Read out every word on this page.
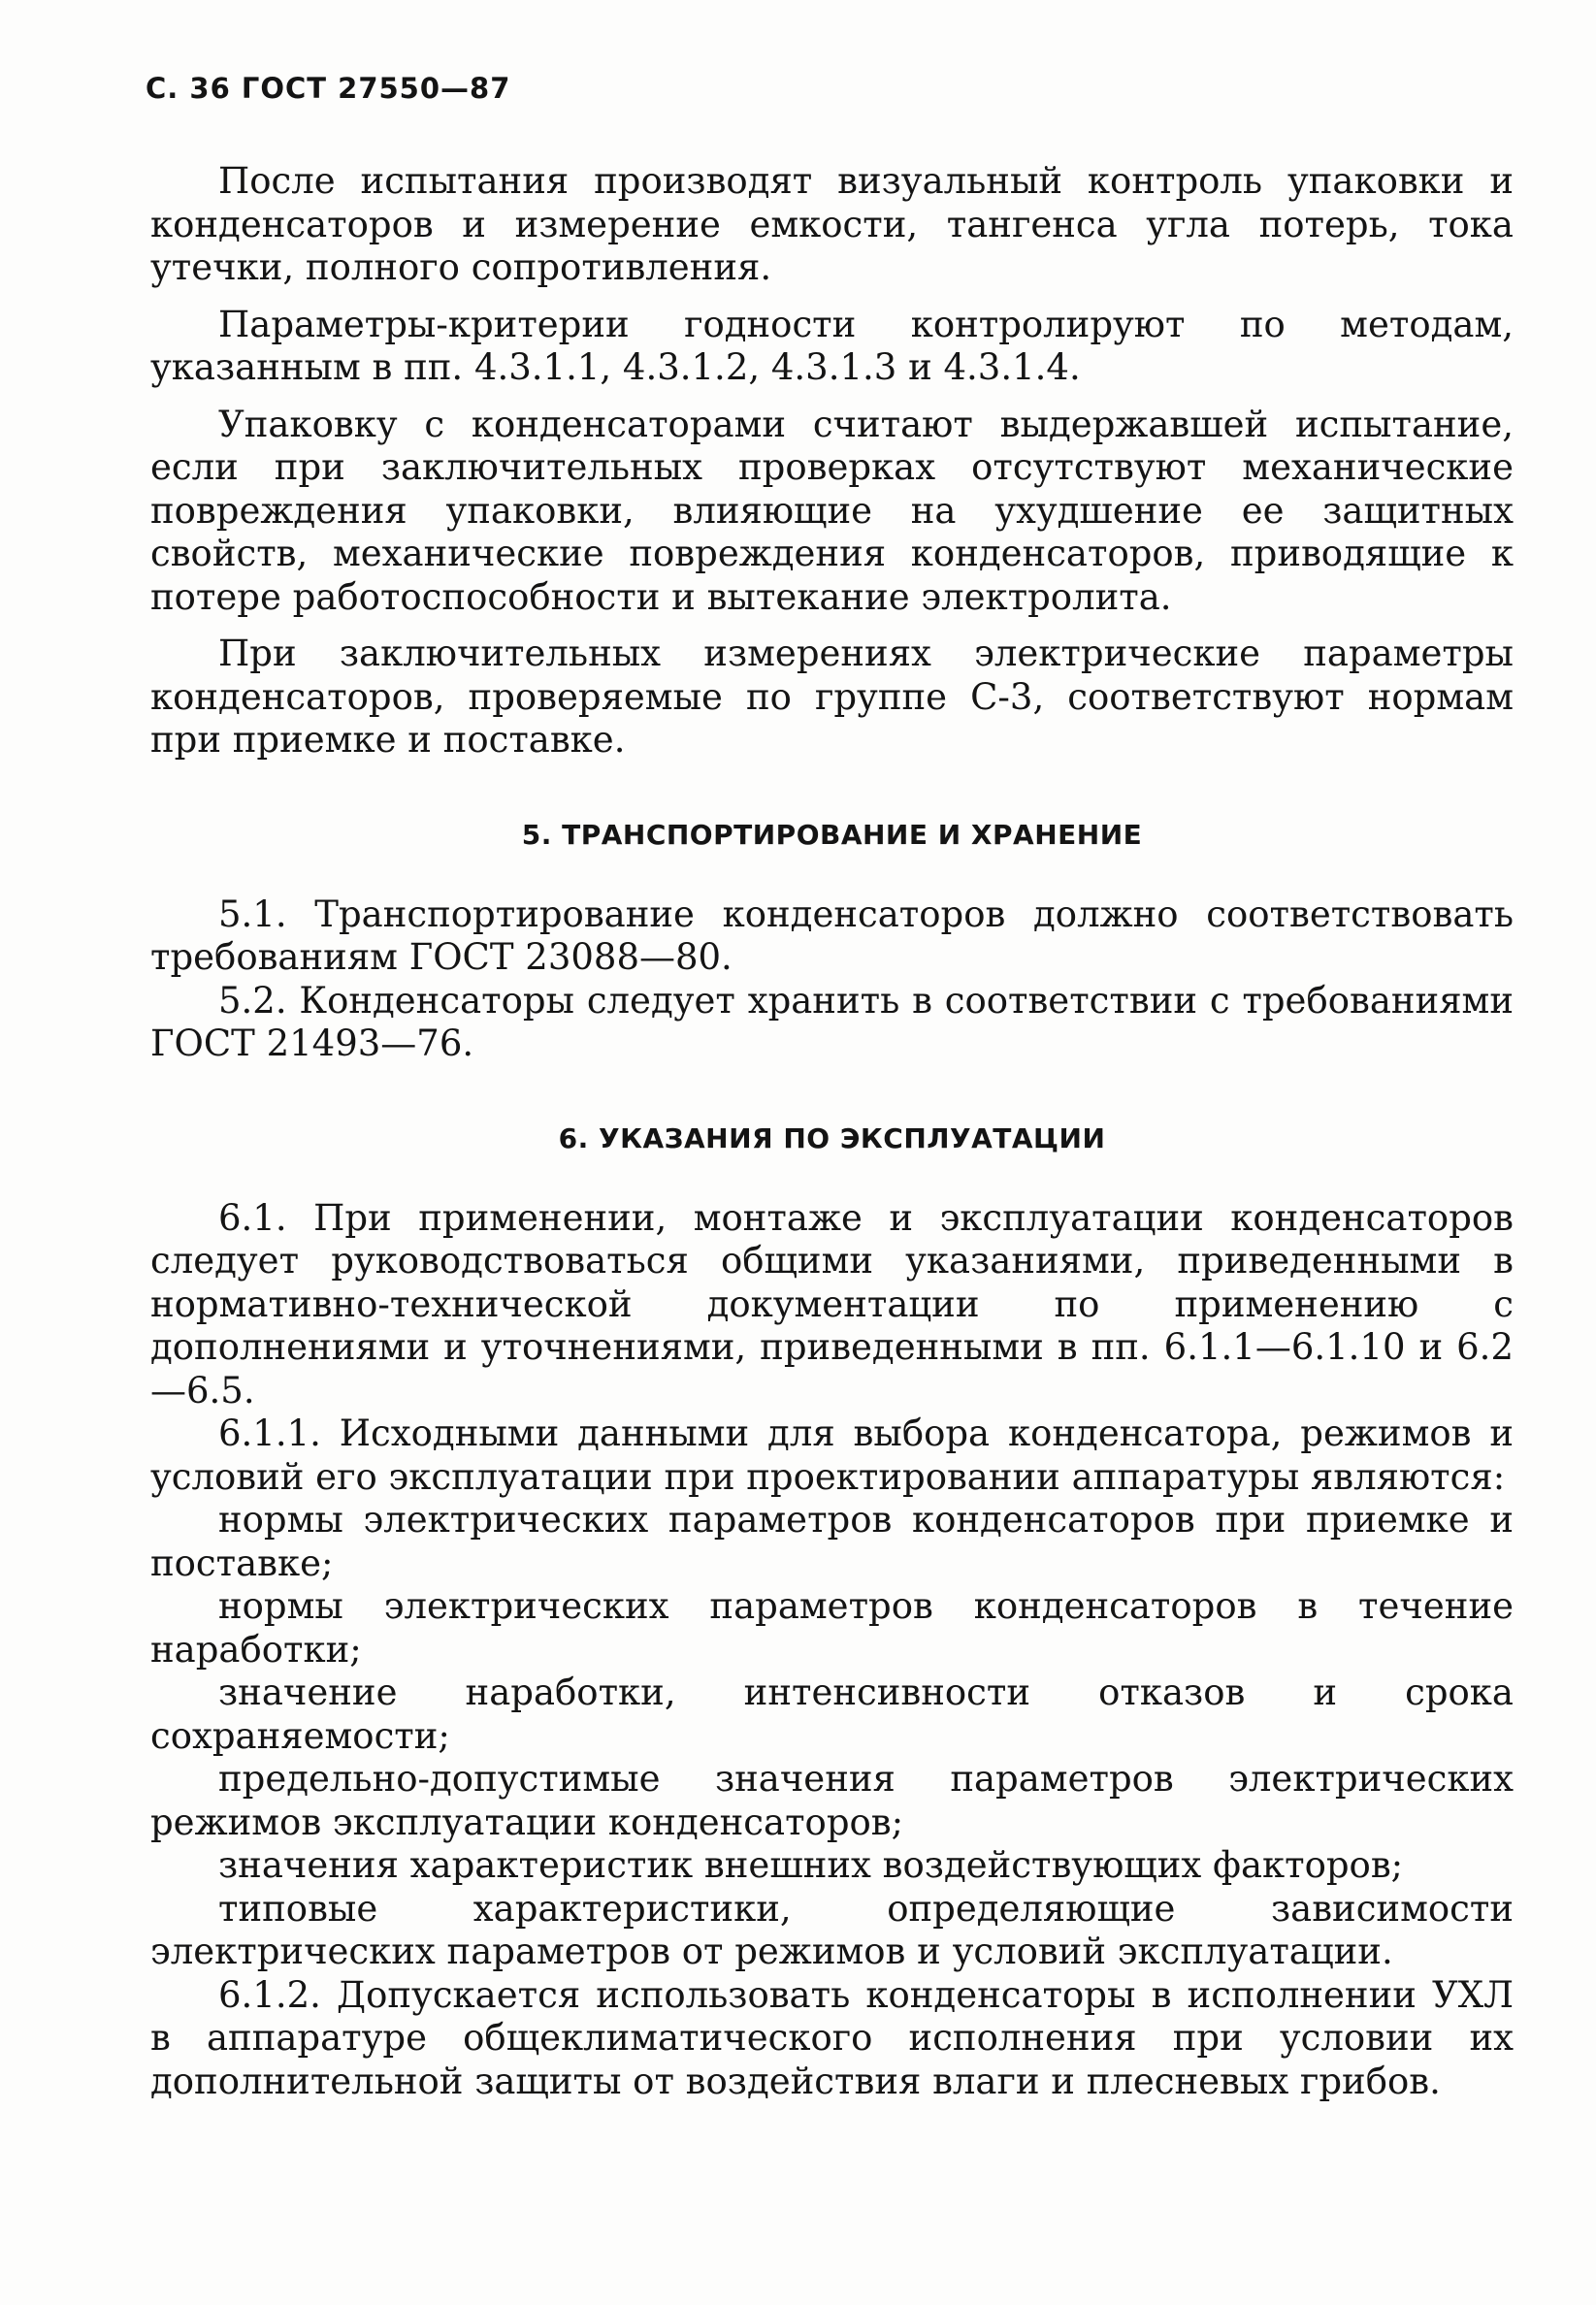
С. 36 ГОСТ 27550—87

После испытания производят визуальный контроль упаковки и конденсаторов и измерение емкости, тангенса угла потерь, тока утечки, полного сопротивления.

Параметры-критерии годности контролируют по методам, указанным в пп. 4.3.1.1, 4.3.1.2, 4.3.1.3 и 4.3.1.4.

Упаковку с конденсаторами считают выдержавшей испытание, если при заключительных проверках отсутствуют механические повреждения упаковки, влияющие на ухудшение ее защитных свойств, механические повреждения конденсаторов, приводящие к потере работоспособности и вытекание электролита.

При заключительных измерениях электрические параметры конденсаторов, проверяемые по группе С-3, соответствуют нормам при приемке и поставке.

5. ТРАНСПОРТИРОВАНИЕ И ХРАНЕНИЕ

5.1. Транспортирование конденсаторов должно соответствовать требованиям ГОСТ 23088—80.

5.2. Конденсаторы следует хранить в соответствии с требованиями ГОСТ 21493—76.

6. УКАЗАНИЯ ПО ЭКСПЛУАТАЦИИ

6.1. При применении, монтаже и эксплуатации конденсаторов следует руководствоваться общими указаниями, приведенными в нормативно-технической документации по применению с дополнениями и уточнениями, приведенными в пп. 6.1.1—6.1.10 и 6.2—6.5.

6.1.1. Исходными данными для выбора конденсатора, режимов и условий его эксплуатации при проектировании аппаратуры являются:

нормы электрических параметров конденсаторов при приемке и поставке;

нормы электрических параметров конденсаторов в течение наработки;

значение наработки, интенсивности отказов и срока сохраняемости;

предельно-допустимые значения параметров электрических режимов эксплуатации конденсаторов;

значения характеристик внешних воздействующих факторов;

типовые характеристики, определяющие зависимости электрических параметров от режимов и условий эксплуатации.

6.1.2. Допускается использовать конденсаторы в исполнении УХЛ в аппаратуре общеклиматического исполнения при условии их дополнительной защиты от воздействия влаги и плесневых грибов.
